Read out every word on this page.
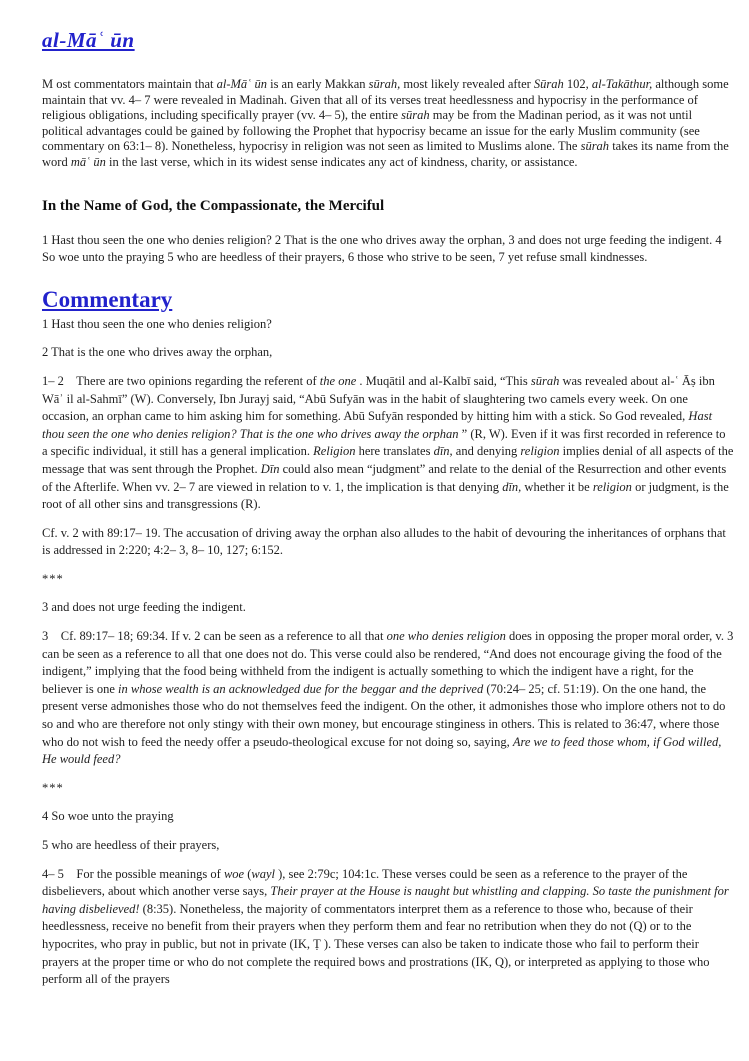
al-Māʿ ūn

M ost commentators maintain that al-Māʿ ūn is an early Makkan sūrah, most likely revealed after Sūrah 102, al-Takāthur, although some maintain that vv. 4– 7 were revealed in Madinah. Given that all of its verses treat heedlessness and hypocrisy in the performance of religious obligations, including specifically prayer (vv. 4– 5), the entire sūrah may be from the Madinan period, as it was not until political advantages could be gained by following the Prophet that hypocrisy became an issue for the early Muslim community (see commentary on 63:1– 8). Nonetheless, hypocrisy in religion was not seen as limited to Muslims alone. The sūrah takes its name from the word māʿ ūn in the last verse, which in its widest sense indicates any act of kindness, charity, or assistance.

In the Name of God, the Compassionate, the Merciful

1 Hast thou seen the one who denies religion? 2 That is the one who drives away the orphan, 3 and does not urge feeding the indigent. 4 So woe unto the praying 5 who are heedless of their prayers, 6 those who strive to be seen, 7 yet refuse small kindnesses.

Commentary

1 Hast thou seen the one who denies religion?

2 That is the one who drives away the orphan,

1– 2    There are two opinions regarding the referent of the one . Muqātil and al-Kalbī said, “This sūrah was revealed about al-ʿ Āṣ ibn Wāʾ il al-Sahmī” (W). Conversely, Ibn Jurayj said, “Abū Sufyān was in the habit of slaughtering two camels every week. On one occasion, an orphan came to him asking him for something. Abū Sufyān responded by hitting him with a stick. So God revealed, Hast thou seen the one who denies religion? That is the one who drives away the orphan ” (R, W). Even if it was first recorded in reference to a specific individual, it still has a general implication. Religion here translates dīn, and denying religion implies denial of all aspects of the message that was sent through the Prophet. Dīn could also mean “judgment” and relate to the denial of the Resurrection and other events of the Afterlife. When vv. 2– 7 are viewed in relation to v. 1, the implication is that denying dīn, whether it be religion or judgment, is the root of all other sins and transgressions (R).

Cf. v. 2 with 89:17– 19. The accusation of driving away the orphan also alludes to the habit of devouring the inheritances of orphans that is addressed in 2:220; 4:2– 3, 8– 10, 127; 6:152.

***

3 and does not urge feeding the indigent.

3    Cf. 89:17– 18; 69:34. If v. 2 can be seen as a reference to all that one who denies religion does in opposing the proper moral order, v. 3 can be seen as a reference to all that one does not do. This verse could also be rendered, “And does not encourage giving the food of the indigent,” implying that the food being withheld from the indigent is actually something to which the indigent have a right, for the believer is one in whose wealth is an acknowledged due for the beggar and the deprived (70:24– 25; cf. 51:19). On the one hand, the present verse admonishes those who do not themselves feed the indigent. On the other, it admonishes those who implore others not to do so and who are therefore not only stingy with their own money, but encourage stinginess in others. This is related to 36:47, where those who do not wish to feed the needy offer a pseudo-theological excuse for not doing so, saying, Are we to feed those whom, if God willed, He would feed?

***

4 So woe unto the praying

5 who are heedless of their prayers,

4– 5    For the possible meanings of woe (wayl ), see 2:79c; 104:1c. These verses could be seen as a reference to the prayer of the disbelievers, about which another verse says, Their prayer at the House is naught but whistling and clapping. So taste the punishment for having disbelieved! (8:35). Nonetheless, the majority of commentators interpret them as a reference to those who, because of their heedlessness, receive no benefit from their prayers when they perform them and fear no retribution when they do not (Q) or to the hypocrites, who pray in public, but not in private (IK, Ṭ ). These verses can also be taken to indicate those who fail to perform their prayers at the proper time or who do not complete the required bows and prostrations (IK, Q), or interpreted as applying to those who perform all of the prayers
